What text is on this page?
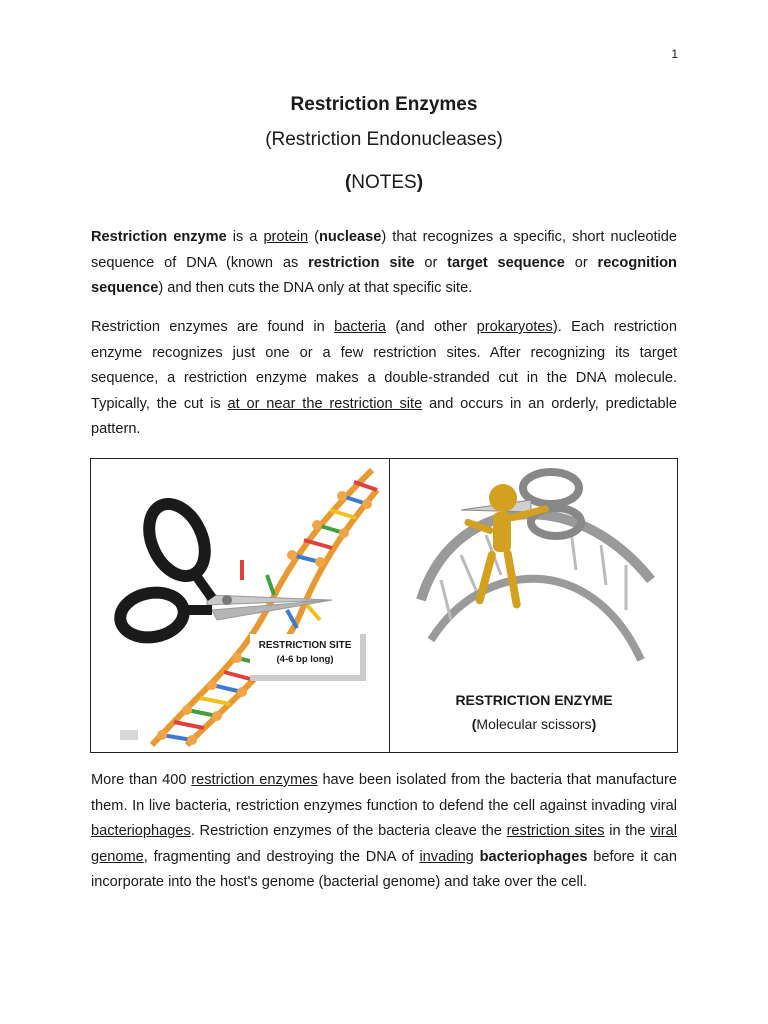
1
Restriction Enzymes
(Restriction Endonucleases)
(NOTES)
Restriction enzyme is a protein (nuclease) that recognizes a specific, short nucleotide sequence of DNA (known as restriction site or target sequence or recognition sequence) and then cuts the DNA only at that specific site.
Restriction enzymes are found in bacteria (and other prokaryotes). Each restriction enzyme recognizes just one or a few restriction sites. After recognizing its target sequence, a restriction enzyme makes a double-stranded cut in the DNA molecule. Typically, the cut is at or near the restriction site and occurs in an orderly, predictable pattern.
RESTRICTION SITE
(4-6 bp long)
RESTRICTION ENZYME
(Molecular scissors)
More than 400 restriction enzymes have been isolated from the bacteria that manufacture them. In live bacteria, restriction enzymes function to defend the cell against invading viral bacteriophages. Restriction enzymes of the bacteria cleave the restriction sites in the viral genome, fragmenting and destroying the DNA of invading bacteriophages before it can incorporate into the host's genome (bacterial genome) and take over the cell.
